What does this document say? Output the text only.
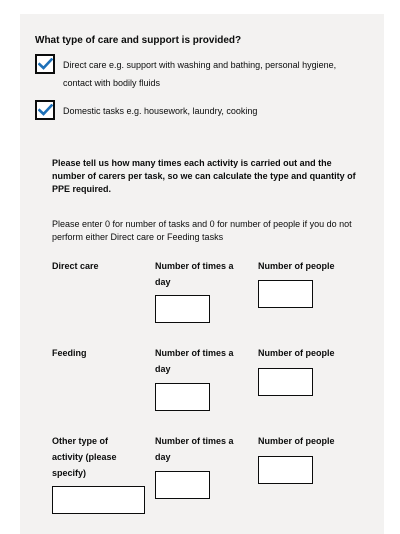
What type of care and support is provided?
Direct care e.g. support with washing and bathing, personal hygiene, contact with bodily fluids
Domestic tasks e.g. housework, laundry, cooking
Please tell us how many times each activity is carried out and the number of carers per task, so we can calculate the type and quantity of PPE required.
Please enter 0 for number of tasks and 0 for number of people if you do not perform either Direct care or Feeding tasks
Direct care	Number of times a day
Number of people
Feeding	Number of times a day
Number of people
Other type of activity (please specify)
Number of times a day
Number of people
